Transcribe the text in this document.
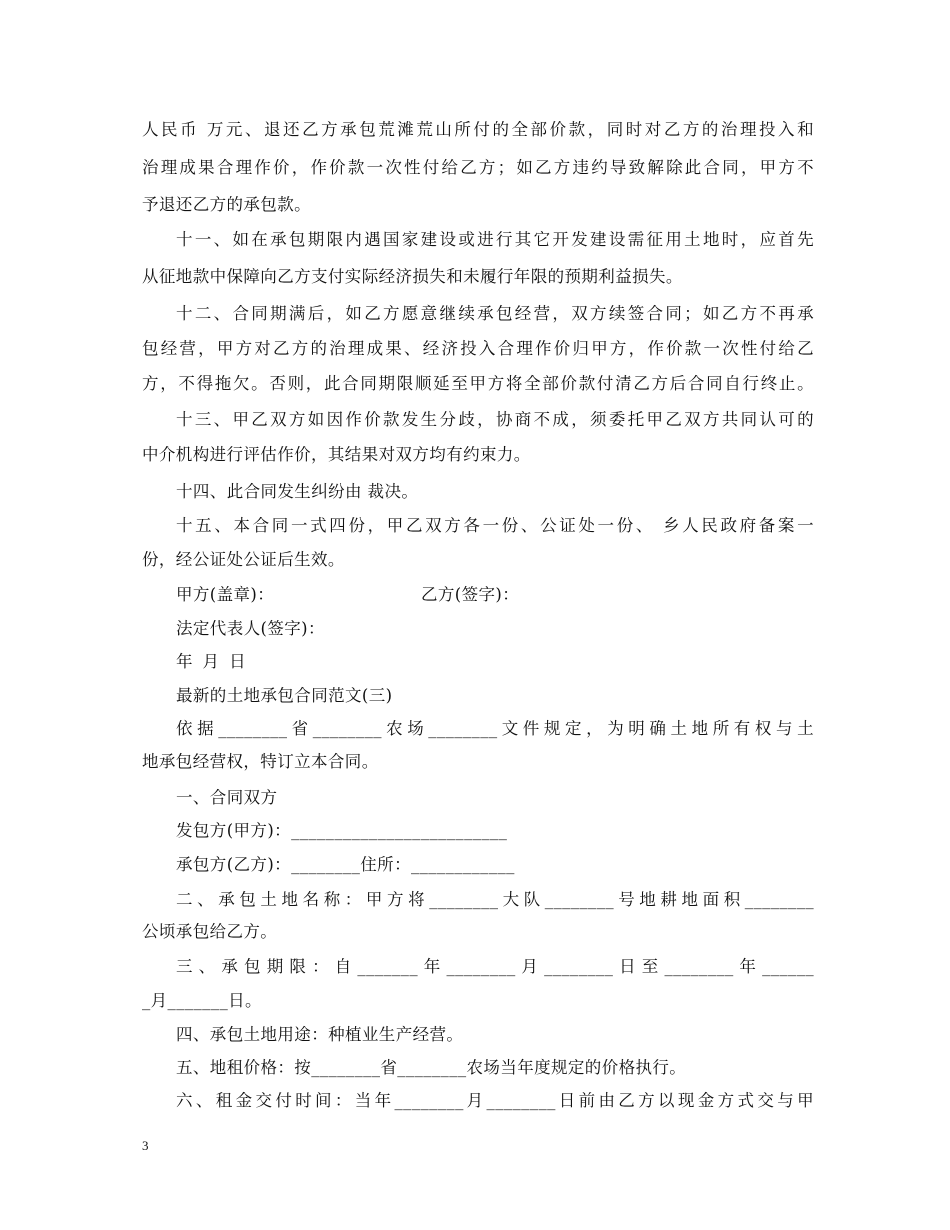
人民币 万元、退还乙方承包荒滩荒山所付的全部价款，同时对乙方的治理投入和
治理成果合理作价，作价款一次性付给乙方；如乙方违约导致解除此合同，甲方不
予退还乙方的承包款。
十一、如在承包期限内遇国家建设或进行其它开发建设需征用土地时，应首先
从征地款中保障向乙方支付实际经济损失和未履行年限的预期利益损失。
十二、合同期满后，如乙方愿意继续承包经营，双方续签合同；如乙方不再承
包经营，甲方对乙方的治理成果、经济投入合理作价归甲方，作价款一次性付给乙
方，不得拖欠。否则，此合同期限顺延至甲方将全部价款付清乙方后合同自行终止。
十三、甲乙双方如因作价款发生分歧，协商不成，须委托甲乙双方共同认可的
中介机构进行评估作价，其结果对双方均有约束力。
十四、此合同发生纠纷由 裁决。
十五、本合同一式四份，甲乙双方各一份、公证处一份、 乡人民政府备案一
份，经公证处公证后生效。
甲方(盖章)：                          乙方(签字)：
法定代表人(签字)：
年 月 日
最新的土地承包合同范文(三)
依据________省________农场________文件规定，为明确土地所有权与土
地承包经营权，特订立本合同。
一、合同双方
发包方(甲方)：_________________________
承包方(乙方)：________住所：____________
二、承包土地名称：甲方将________大队________号地耕地面积________
公顷承包给乙方。
三、承包期限：自_______年________月________日至________年______
_月_______日。
四、承包土地用途：种植业生产经营。
五、地租价格：按________省________农场当年度规定的价格执行。
六、租金交付时间：当年________月________日前由乙方以现金方式交与甲
3
